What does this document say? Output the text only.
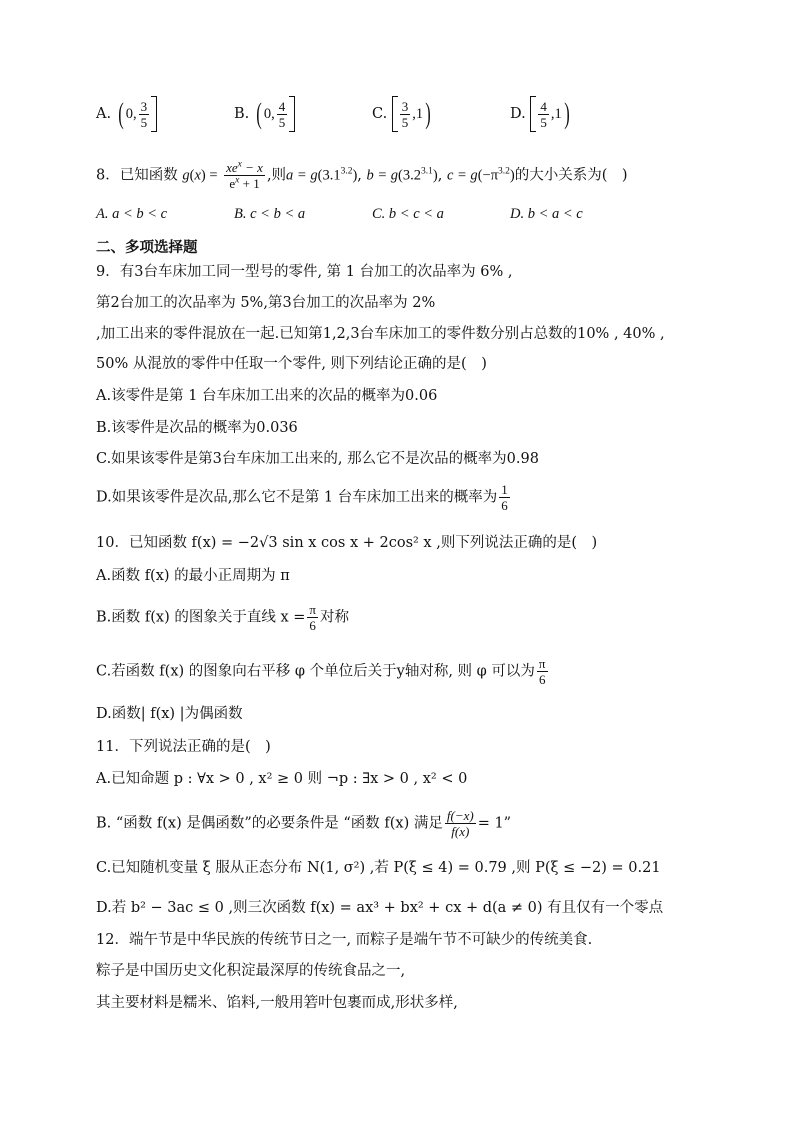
A. ( 0, $\frac{3}{5}$	B. ( 0, $\frac{4}{5}$	C. $\frac{3}{5} ,1$)	D. $\frac{4}{5} ,1$)
8．已知函数 $g(x) = \frac{xe^x - x}{e^x + 1}$ ,则$a = g(3.1^{3.2})$, $b = g(3.2^{3.1})$, $c = g(-\pi^{3.2})$的大小关系为(　)
A. a < b < c	B. c < b < a	C. b < c < a	D. b < a < c
二、多项选择题
9．有3台车床加工同一型号的零件, 第 1 台加工的次品率为 6% ,
第2台加工的次品率为 5%,第3台加工的次品率为 2%
,加工出来的零件混放在一起.已知第1,2,3台车床加工的零件数分别占总数的10% , 40% ,
50% 从混放的零件中任取一个零件, 则下列结论正确的是(　)
A.该零件是第 1 台车床加工出来的次品的概率为0.06
B.该零件是次品的概率为0.036
C.如果该零件是第3台车床加工出来的, 那么它不是次品的概率为0.98
D.如果该零件是次品,那么它不是第 1 台车床加工出来的概率为 $\frac{1}{6}$
10．已知函数 f(x) = −2√3 sin x cos x + 2cos² x ,则下列说法正确的是(　)
A.函数 f(x) 的最小正周期为 π
B.函数 f(x) 的图象关于直线 $x = \frac{\pi}{6}$ 对称
C.若函数 f(x) 的图象向右平移 φ 个单位后关于y轴对称, 则 φ 可以为 $\frac{\pi}{6}$
D.函数| f(x) |为偶函数
11．下列说法正确的是(　)
A.已知命题 p : ∀x > 0 , x² ≥ 0 则 ¬p : ∃x > 0 , x² < 0
B. “函数 f(x) 是偶函数”的必要条件是 “函数 f(x) 满足 $\frac{f(-x)}{f(x)} = 1$”
C.已知随机变量 ξ 服从正态分布 N(1, σ²) ,若 P(ξ ≤ 4) = 0.79 ,则 P(ξ ≤ −2) = 0.21
D.若 b² − 3ac ≤ 0 ,则三次函数 f(x) = ax³ + bx² + cx + d(a ≠ 0) 有且仅有一个零点
12．端午节是中华民族的传统节日之一, 而粽子是端午节不可缺少的传统美食.
粽子是中国历史文化积淀最深厚的传统食品之一,
其主要材料是糯米、馅料,一般用箬叶包裹而成,形状多样,
